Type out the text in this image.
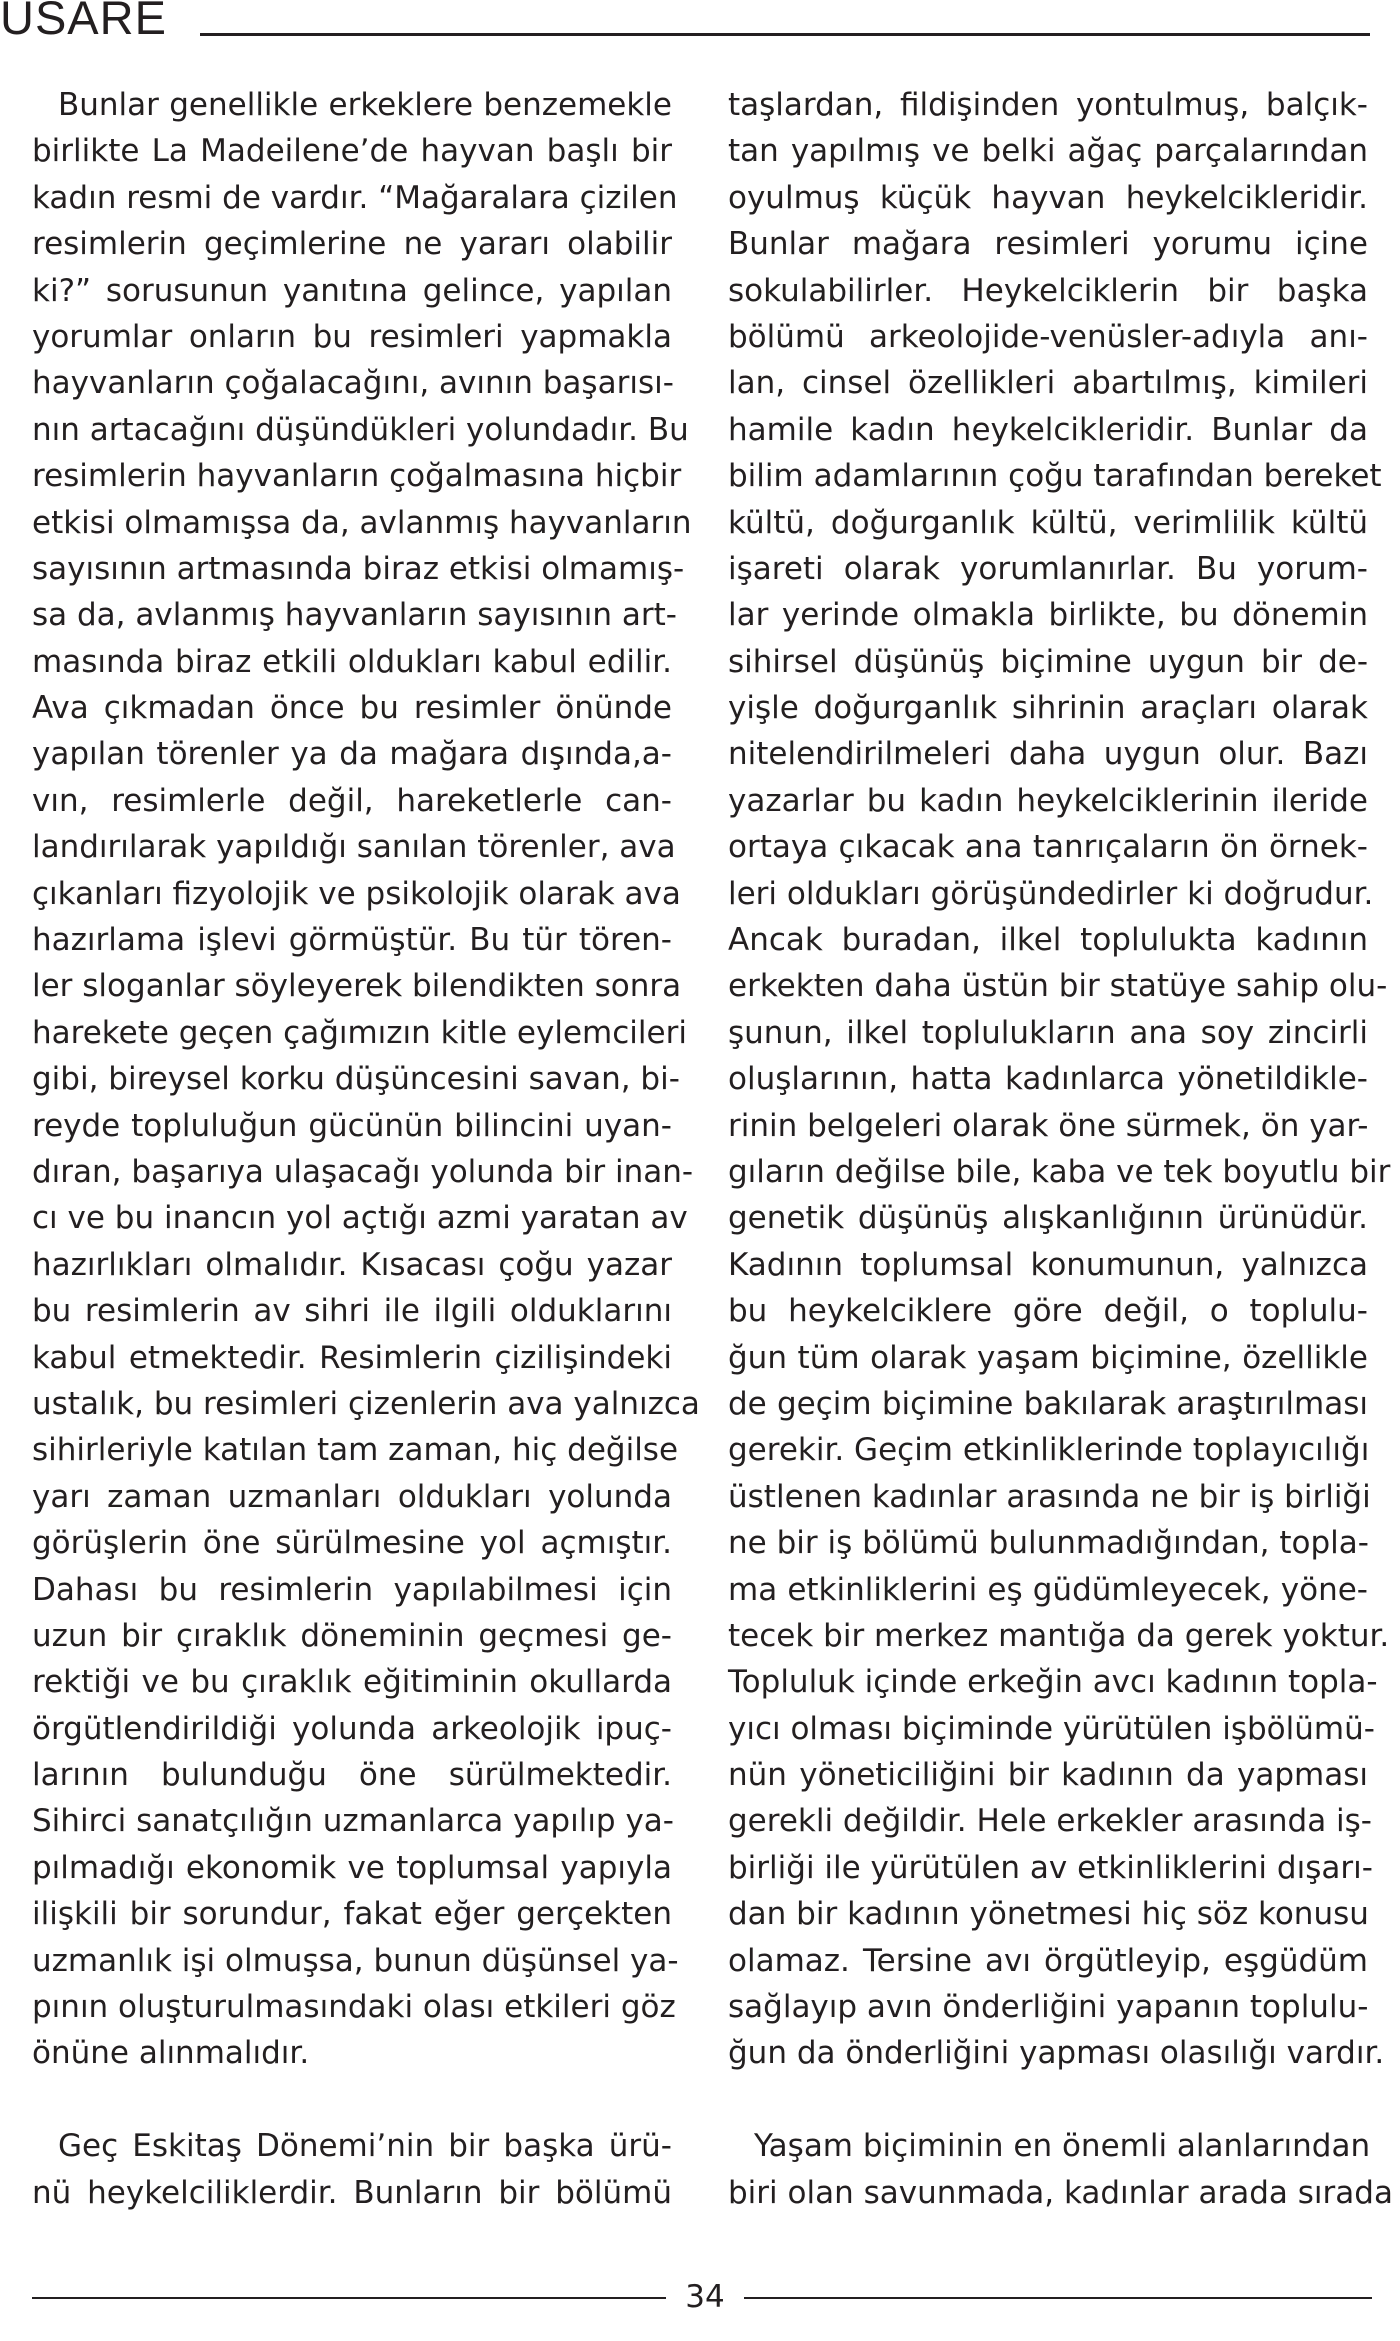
USARE
Bunlar genellikle erkeklere benzemekle
birlikte La Madeilene’de hayvan başlı bir
kadın resmi de vardır. “Mağaralara çizilen
resimlerin geçimlerine ne yararı olabilir
ki?” sorusunun yanıtına gelince, yapılan
yorumlar onların bu resimleri yapmakla
hayvanların çoğalacağını, avının başarısı-
nın artacağını düşündükleri yolundadır. Bu
resimlerin hayvanların çoğalmasına hiçbir
etkisi olmamışsa da, avlanmış hayvanların
sayısının artmasında biraz etkisi olmamış-
sa da, avlanmış hayvanların sayısının art-
masında biraz etkili oldukları kabul edilir.
Ava çıkmadan önce bu resimler önünde
yapılan törenler ya da mağara dışında,a-
vın, resimlerle değil, hareketlerle can-
landırılarak yapıldığı sanılan törenler, ava
çıkanları fizyolojik ve psikolojik olarak ava
hazırlama işlevi görmüştür. Bu tür tören-
ler sloganlar söyleyerek bilendikten sonra
harekete geçen çağımızın kitle eylemcileri
gibi, bireysel korku düşüncesini savan, bi-
reyde topluluğun gücünün bilincini uyan-
dıran, başarıya ulaşacağı yolunda bir inan-
cı ve bu inancın yol açtığı azmi yaratan av
hazırlıkları olmalıdır. Kısacası çoğu yazar
bu resimlerin av sihri ile ilgili olduklarını
kabul etmektedir. Resimlerin çizilişindeki
ustalık, bu resimleri çizenlerin ava yalnızca
sihirleriyle katılan tam zaman, hiç değilse
yarı zaman uzmanları oldukları yolunda
görüşlerin öne sürülmesine yol açmıştır.
Dahası bu resimlerin yapılabilmesi için
uzun bir çıraklık döneminin geçmesi ge-
rektiği ve bu çıraklık eğitiminin okullarda
örgütlendirildiği yolunda arkeolojik ipuç-
larının bulunduğu öne sürülmektedir.
Sihirci sanatçılığın uzmanlarca yapılıp ya-
pılmadığı ekonomik ve toplumsal yapıyla
ilişkili bir sorundur, fakat eğer gerçekten
uzmanlık işi olmuşsa, bunun düşünsel ya-
pının oluşturulmasındaki olası etkileri göz
önüne alınmalıdır.
Geç Eskitaş Dönemi’nin bir başka ürü-
nü heykelciliklerdir. Bunların bir bölümü
taşlardan, fildişinden yontulmuş, balçık-
tan yapılmış ve belki ağaç parçalarından
oyulmuş küçük hayvan heykelcikleridir.
Bunlar mağara resimleri yorumu içine
sokulabilirler. Heykelciklerin bir başka
bölümü arkeolojide-venüsler-adıyla anı-
lan, cinsel özellikleri abartılmış, kimileri
hamile kadın heykelcikleridir. Bunlar da
bilim adamlarının çoğu tarafından bereket
kültü, doğurganlık kültü, verimlilik kültü
işareti olarak yorumlanırlar. Bu yorum-
lar yerinde olmakla birlikte, bu dönemin
sihirsel düşünüş biçimine uygun bir de-
yişle doğurganlık sihrinin araçları olarak
nitelendirilmeleri daha uygun olur. Bazı
yazarlar bu kadın heykelciklerinin ileride
ortaya çıkacak ana tanrıçaların ön örnek-
leri oldukları görüşündedirler ki doğrudur.
Ancak buradan, ilkel toplulukta kadının
erkekten daha üstün bir statüye sahip olu-
şunun, ilkel toplulukların ana soy zincirli
oluşlarının, hatta kadınlarca yönetildikle-
rinin belgeleri olarak öne sürmek, ön yar-
gıların değilse bile, kaba ve tek boyutlu bir
genetik düşünüş alışkanlığının ürünüdür.
Kadının toplumsal konumunun, yalnızca
bu heykelciklere göre değil, o toplulu-
ğun tüm olarak yaşam biçimine, özellikle
de geçim biçimine bakılarak araştırılması
gerekir. Geçim etkinliklerinde toplayıcılığı
üstlenen kadınlar arasında ne bir iş birliği
ne bir iş bölümü bulunmadığından, topla-
ma etkinliklerini eş güdümleyecek, yöne-
tecek bir merkez mantığa da gerek yoktur.
Topluluk içinde erkeğin avcı kadının topla-
yıcı olması biçiminde yürütülen işbölümü-
nün yöneticiliğini bir kadının da yapması
gerekli değildir. Hele erkekler arasında iş-
birliği ile yürütülen av etkinliklerini dışarı-
dan bir kadının yönetmesi hiç söz konusu
olamaz. Tersine avı örgütleyip, eşgüdüm
sağlayıp avın önderliğini yapanın toplulu-
ğun da önderliğini yapması olasılığı vardır.
Yaşam biçiminin en önemli alanlarından
biri olan savunmada, kadınlar arada sırada
34
